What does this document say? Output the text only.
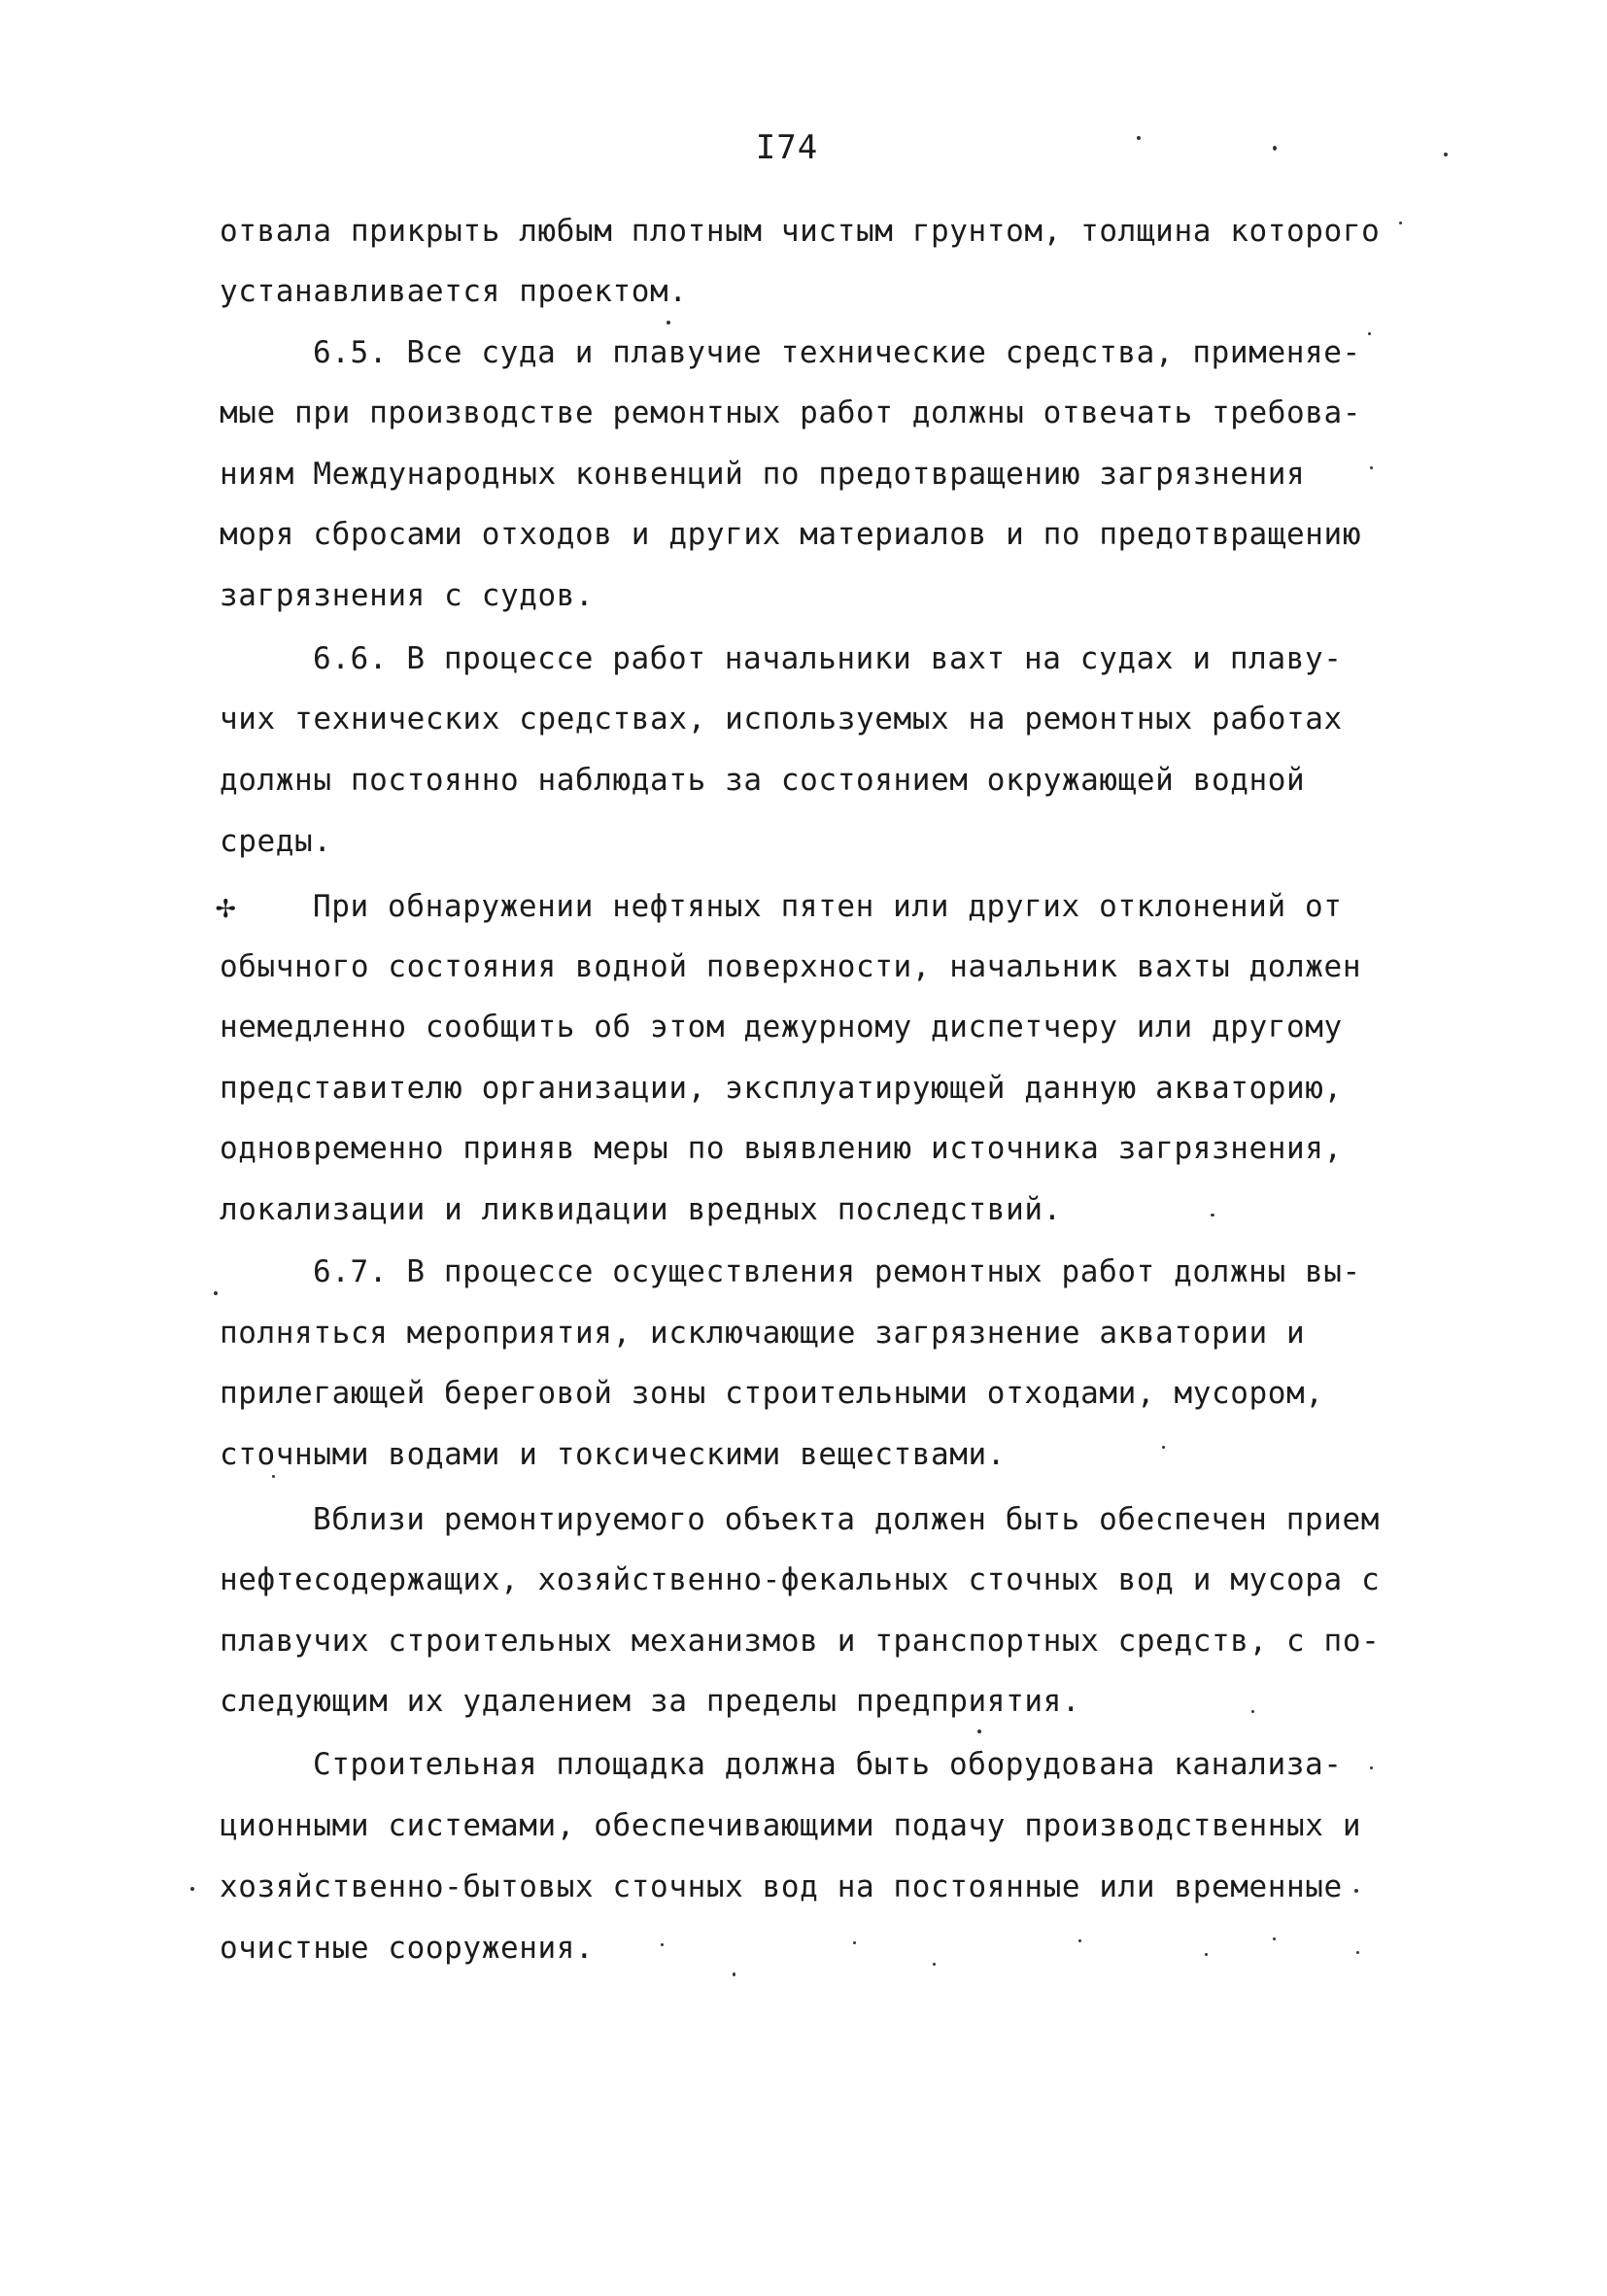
I74
✢
отвала прикрыть любым плотным чистым грунтом, толщина которого
устанавливается проектом.
6.5. Все суда и плавучие технические средства, применяе-
мые при производстве ремонтных работ должны отвечать требова-
ниям Международных конвенций по предотвращению загрязнения
моря сбросами отходов и других материалов и по предотвращению
загрязнения с судов.
6.6. В процессе работ начальники вахт на судах и плаву-
чих технических средствах, используемых на ремонтных работах
должны постоянно наблюдать за состоянием окружающей водной
среды.
При обнаружении нефтяных пятен или других отклонений от
обычного состояния водной поверхности, начальник вахты должен
немедленно сообщить об этом дежурному диспетчеру или другому
представителю организации, эксплуатирующей данную акваторию,
одновременно приняв меры по выявлению источника загрязнения,
локализации и ликвидации вредных последствий.
6.7. В процессе осуществления ремонтных работ должны вы-
полняться мероприятия, исключающие загрязнение акватории и
прилегающей береговой зоны строительными отходами, мусором,
сточными водами и токсическими веществами.
Вблизи ремонтируемого объекта должен быть обеспечен прием
нефтесодержащих, хозяйственно-фекальных сточных вод и мусора с
плавучих строительных механизмов и транспортных средств, с по-
следующим их удалением за пределы предприятия.
Строительная площадка должна быть оборудована канализа-
ционными системами, обеспечивающими подачу производственных и
хозяйственно-бытовых сточных вод на постоянные или временные
очистные сооружения.
